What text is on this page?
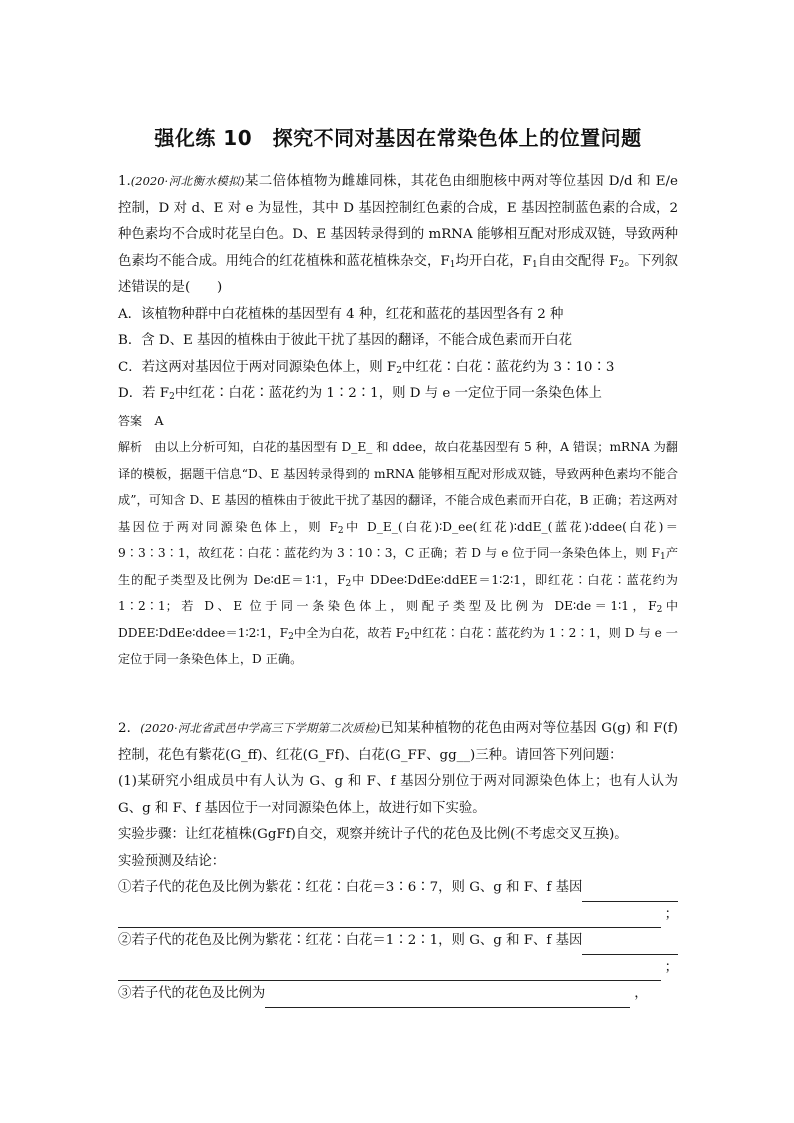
强化练 10　探究不同对基因在常染色体上的位置问题

1.(2020·河北衡水模拟)某二倍体植物为雌雄同株，其花色由细胞核中两对等位基因 D/d 和 E/e 控制，D 对 d、E 对 e 为显性，其中 D 基因控制红色素的合成，E 基因控制蓝色素的合成，2 种色素均不合成时花呈白色。D、E 基因转录得到的 mRNA 能够相互配对形成双链，导致两种色素均不能合成。用纯合的红花植株和蓝花植株杂交，$F_1$均开白花，$F_1$自由交配得 $F_2$。下列叙述错误的是(　　)

A．该植物种群中白花植株的基因型有 4 种，红花和蓝花的基因型各有 2 种

B．含 D、E 基因的植株由于彼此干扰了基因的翻译，不能合成色素而开白花

C．若这两对基因位于两对同源染色体上，则 $F_2$中红花∶白花∶蓝花约为 3∶10∶3

D．若 $F_2$中红花∶白花∶蓝花约为 1∶2∶1，则 D 与 e 一定位于同一条染色体上

答案　 A

解析　由以上分析可知，白花的基因型有 D_E_ 和 ddee，故白花基因型有 5 种，A 错误；mRNA 为翻译的模板，据题干信息“D、E 基因转录得到的 mRNA 能够相互配对形成双链，导致两种色素均不能合成”，可知含 D、E 基因的植株由于彼此干扰了基因的翻译，不能合成色素而开白花，B 正确；若这两对基因位于两对同源染色体上，则 $F_2$中 D_E_(白花)∶D_ee(红花)∶ddE_(蓝花)∶ddee(白花)＝9∶3∶3∶1，故红花∶白花∶蓝花约为 3∶10∶3，C 正确；若 D 与 e 位于同一条染色体上，则 $F_1$产生的配子类型及比例为 De∶dE＝1∶1，$F_2$中 DDee∶DdEe∶ddEE＝1∶2∶1，即红花∶白花∶蓝花约为 1∶2∶1；若 D、E 位于同一条染色体上，则配子类型及比例为 DE∶de＝1∶1，$F_2$中 DDEE∶DdEe∶ddee＝1∶2∶1，$F_2$中全为白花，故若 $F_2$中红花∶白花∶蓝花约为 1∶2∶1，则 D 与 e 一定位于同一条染色体上，D 正确。

2．(2020·河北省武邑中学高三下学期第二次质检)已知某种植物的花色由两对等位基因 G(g) 和 F(f)控制，花色有紫花(G_ff)、红花(G_Ff)、白花(G_FF、gg__)三种。请回答下列问题：

(1)某研究小组成员中有人认为 G、g 和 F、f 基因分别位于两对同源染色体上；也有人认为 G、g 和 F、f 基因位于一对同源染色体上，故进行如下实验。

实验步骤：让红花植株(GgFf)自交，观察并统计子代的花色及比例(不考虑交叉互换)。

实验预测及结论：

①若子代的花色及比例为紫花∶红花∶白花＝3∶6∶7，则 G、g 和 F、f 基因
；
②若子代的花色及比例为紫花∶红花∶白花＝1∶2∶1，则 G、g 和 F、f 基因
；
③若子代的花色及比例为	，
